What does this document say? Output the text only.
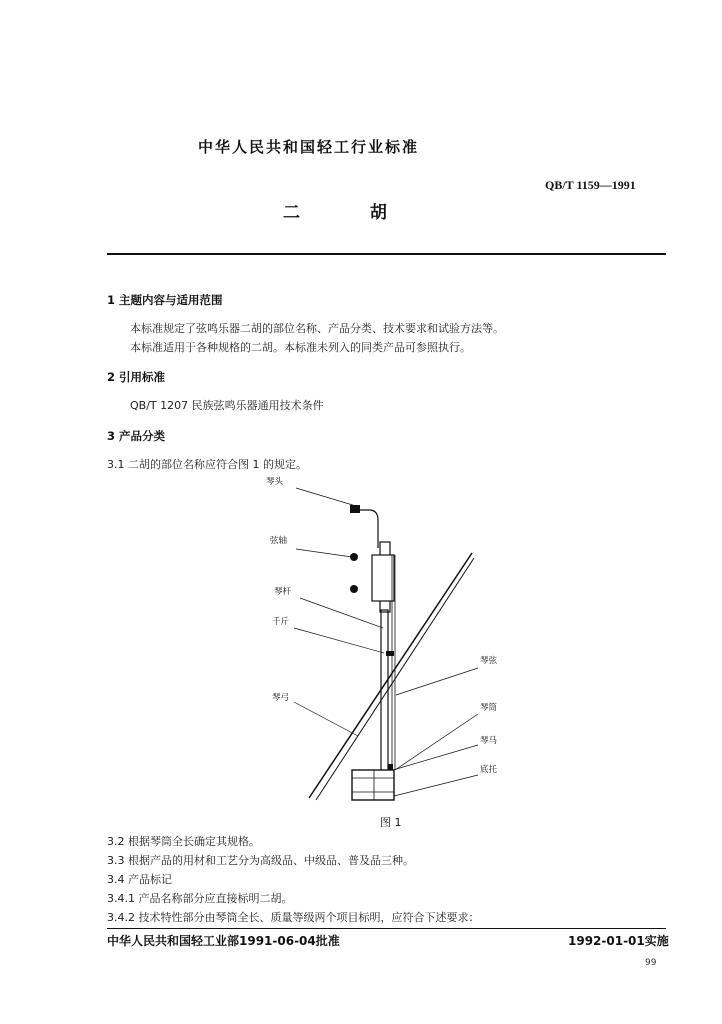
中华人民共和国轻工行业标准
QB/T 1159—1991
二 胡
1 主题内容与适用范围
本标准规定了弦鸣乐器二胡的部位名称、产品分类、技术要求和试验方法等。
本标准适用于各种规格的二胡。本标准未列入的同类产品可参照执行。
2 引用标准
QB/T 1207 民族弦鸣乐器通用技术条件
3 产品分类
3.1 二胡的部位名称应符合图 1 的规定。
琴头
弦轴
琴杆
千斤
琴弓
琴弦
琴筒
琴马
底托
图 1
3.2 根据琴筒全长确定其规格。
3.3 根据产品的用材和工艺分为高级品、中级品、普及品三种。
3.4 产品标记
3.4.1 产品名称部分应直接标明二胡。
3.4.2 技术特性部分由琴筒全长、质量等级两个项目标明，应符合下述要求：
中华人民共和国轻工业部1991-06-04批准	1992-01-01实施
99
